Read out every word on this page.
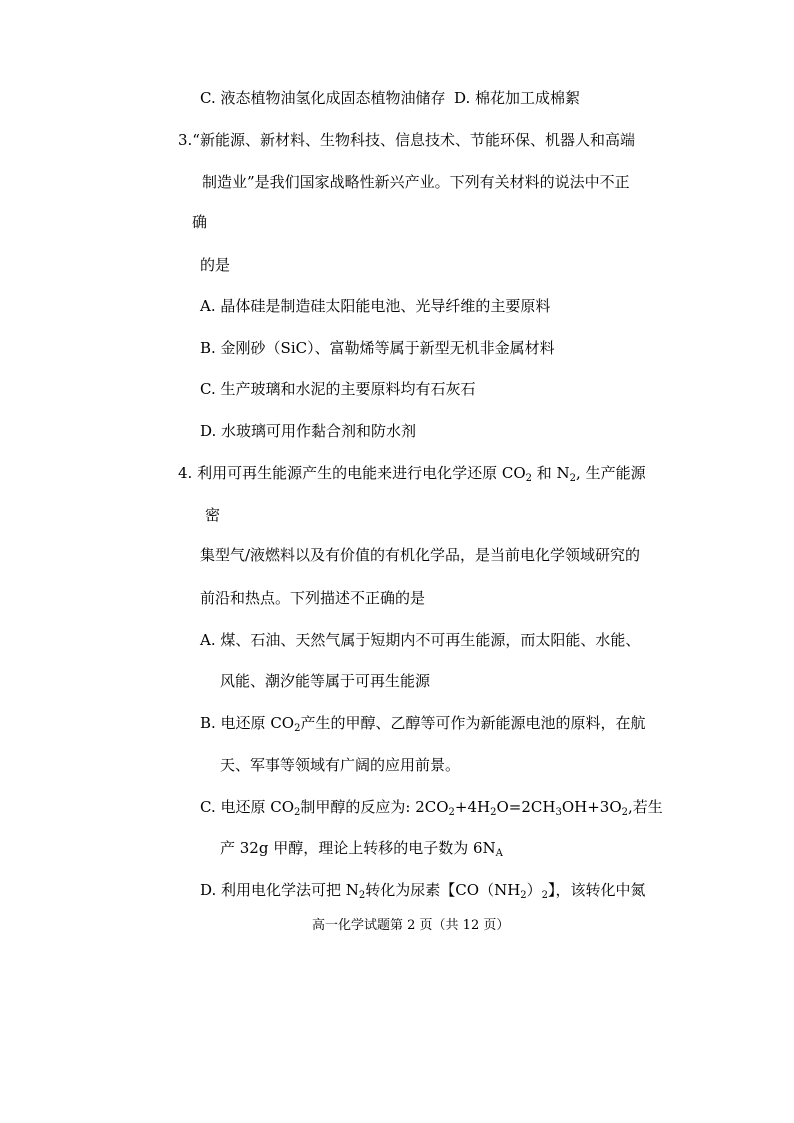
C. 液态植物油氢化成固态植物油储存 D. 棉花加工成棉絮
3.“新能源、新材料、生物科技、信息技术、节能环保、机器人和高端
制造业”是我们国家战略性新兴产业。下列有关材料的说法中不正
确
的是
A. 晶体硅是制造硅太阳能电池、光导纤维的主要原料
B. 金刚砂（SiC）、富勒烯等属于新型无机非金属材料
C. 生产玻璃和水泥的主要原料均有石灰石
D. 水玻璃可用作黏合剂和防水剂
4. 利用可再生能源产生的电能来进行电化学还原 $CO_2$ 和 $N_2$, 生产能源
密
集型气/液燃料以及有价值的有机化学品，是当前电化学领域研究的
前沿和热点。下列描述不正确的是
A. 煤、石油、天然气属于短期内不可再生能源，而太阳能、水能、
风能、潮汐能等属于可再生能源
B. 电还原 $CO_2$产生的甲醇、乙醇等可作为新能源电池的原料，在航
天、军事等领域有广阔的应用前景。
C. 电还原 $CO_2$制甲醇的反应为: $2CO_2+4H_2O=2CH_3OH+3O_2$,若生
产 32g 甲醇，理论上转移的电子数为 $6N_A$
D. 利用电化学法可把 $N_2$转化为尿素【$CO(NH_2)_2$】，该转化中氮
高一化学试题第 2 页（共 12 页）
